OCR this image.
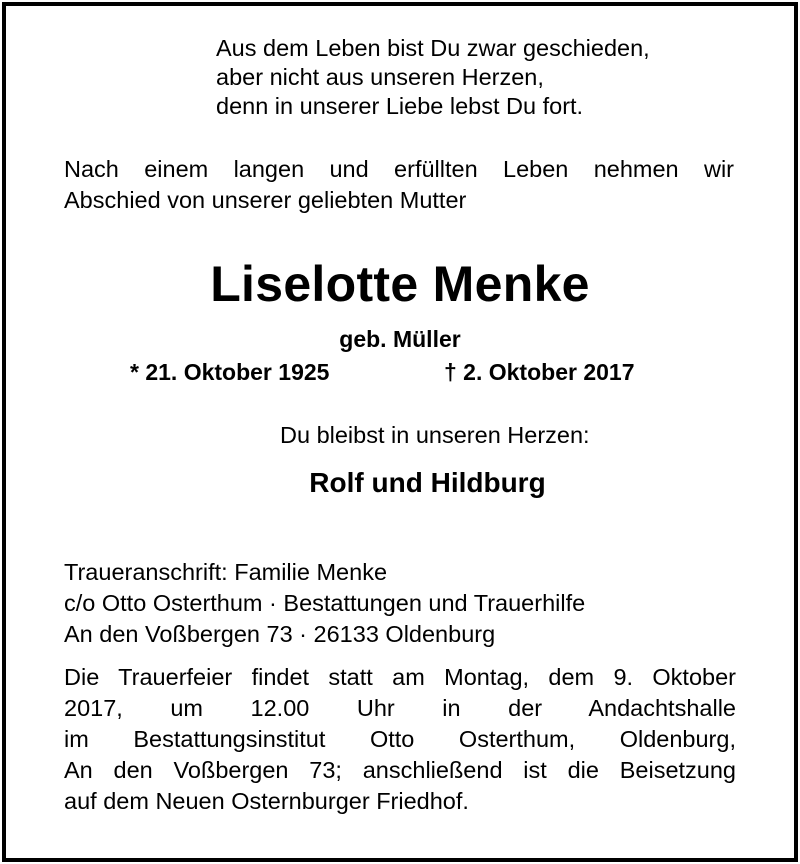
Aus dem Leben bist Du zwar geschieden,
aber nicht aus unseren Herzen,
denn in unserer Liebe lebst Du fort.
Nach einem langen und erfüllten Leben nehmen wir
Abschied von unserer geliebten Mutter
Liselotte Menke
geb. Müller
* 21. Oktober 1925	† 2. Oktober 2017
Du bleibst in unseren Herzen:
Rolf und Hildburg
Traueranschrift: Familie Menke
c/o Otto Osterthum · Bestattungen und Trauerhilfe
An den Voßbergen 73 · 26133 Oldenburg
Die Trauerfeier findet statt am Montag, dem 9. Oktober
2017, um 12.00 Uhr in der Andachtshalle
im Bestattungsinstitut Otto Osterthum, Oldenburg,
An den Voßbergen 73; anschließend ist die Beisetzung
auf dem Neuen Osternburger Friedhof.
